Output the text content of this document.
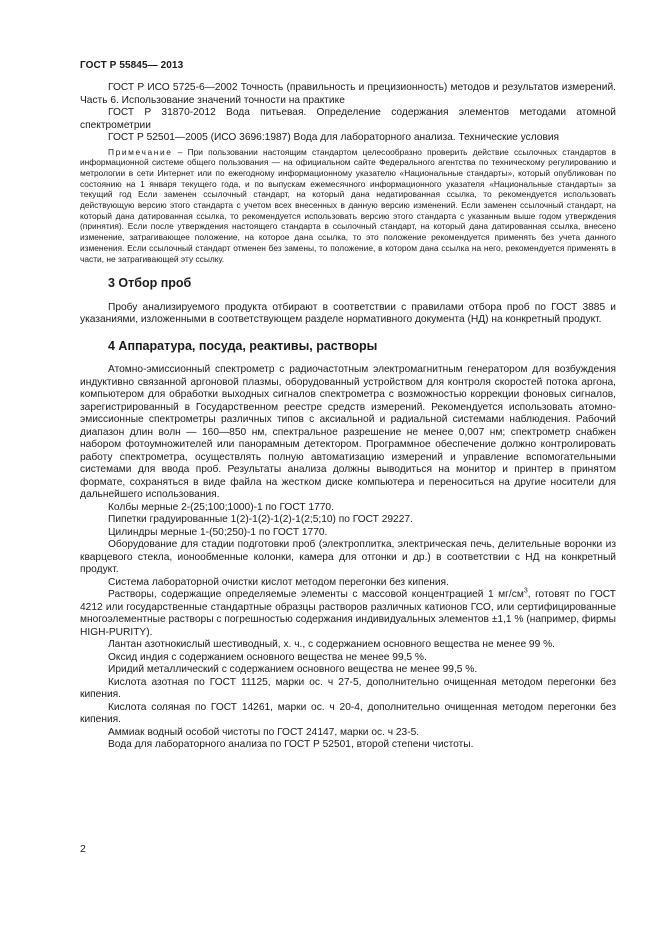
ГОСТ Р 55845— 2013

ГОСТ Р ИСО 5725-6—2002 Точность (правильность и прецизионность) методов и результатов измерений. Часть 6. Использование значений точности на практике

ГОСТ Р 31870-2012 Вода питьевая. Определение содержания элементов методами атомной спектрометрии

ГОСТ Р 52501—2005 (ИСО 3696:1987) Вода для лабораторного анализа. Технические условия

Примечание – При пользовании настоящим стандартом целесообразно проверить действие ссылочных стандартов в информационной системе общего пользования — на официальном сайте Федерального агентства по техническому регулированию и метрологии в сети Интернет или по ежегодному информационному указателю «Национальные стандарты», который опубликован по состоянию на 1 января текущего года, и по выпускам ежемесячного информационного указателя «Национальные стандарты» за текущий год Если заменен ссылочный стандарт, на который дана недатированная ссылка, то рекомендуется использовать действующую версию этого стандарта с учетом всех внесенных в данную версию изменений. Если заменен ссылочный стандарт, на который дана датированная ссылка, то рекомендуется использовать версию этого стандарта с указанным выше годом утверждения (принятия). Если после утверждения настоящего стандарта в ссылочный стандарт, на который дана датированная ссылка, внесено изменение, затрагивающее положение, на которое дана ссылка, то это положение рекомендуется применять без учета данного изменения. Если ссылочный стандарт отменен без замены, то положение, в котором дана ссылка на него, рекомендуется применять в части, не затрагивающей эту ссылку.

3 Отбор проб

Пробу анализируемого продукта отбирают в соответствии с правилами отбора проб по ГОСТ 3885 и указаниями, изложенными в соответствующем разделе нормативного документа (НД) на конкретный продукт.

4 Аппаратура, посуда, реактивы, растворы

Атомно-эмиссионный спектрометр с радиочастотным электромагнитным генератором для возбуждения индуктивно связанной аргоновой плазмы, оборудованный устройством для контроля скоростей потока аргона, компьютером для обработки выходных сигналов спектрометра с возможностью коррекции фоновых сигналов, зарегистрированный в Государственном реестре средств измерений. Рекомендуется использовать атомно-эмиссионные спектрометры различных типов с аксиальной и радиальной системами наблюдения. Рабочий диапазон длин волн — 160—850 нм, спектральное разрешение не менее 0,007 нм; спектрометр снабжен набором фотоумножителей или панорамным детектором. Программное обеспечение должно контролировать работу спектрометра, осуществлять полную автоматизацию измерений и управление вспомогательными системами для ввода проб. Результаты анализа должны выводиться на монитор и принтер в принятом формате, сохраняться в виде файла на жестком диске компьютера и переноситься на другие носители для дальнейшего использования.

Колбы мерные 2-(25;100;1000)-1 по ГОСТ 1770.

Пипетки градуированные 1(2)-1(2)-1(2)-1(2;5;10) по ГОСТ 29227.

Цилиндры мерные 1-(50;250)-1 по ГОСТ 1770.

Оборудование для стадии подготовки проб (электроплитка, электрическая печь, делительные воронки из кварцевого стекла, ионообменные колонки, камера для отгонки и др.) в соответствии с НД на конкретный продукт.

Система лабораторной очистки кислот методом перегонки без кипения.

Растворы, содержащие определяемые элементы с массовой концентрацией 1 $мг/см^3$, готовят по ГОСТ 4212 или государственные стандартные образцы растворов различных катионов ГСО, или сертифицированные многоэлементные растворы с погрешностью содержания индивидуальных элементов ±1,1 % (например, фирмы HIGH-PURITY).

Лантан азотнокислый шестиводный, х. ч., с содержанием основного вещества не менее 99 %.

Оксид индия с содержанием основного вещества не менее 99,5 %.

Иридий металлический с содержанием основного вещества не менее 99,5 %.

Кислота азотная по ГОСТ 11125, марки ос. ч 27-5, дополнительно очищенная методом перегонки без кипения.

Кислота соляная по ГОСТ 14261, марки ос. ч 20-4, дополнительно очищенная методом перегонки без кипения.

Аммиак водный особой чистоты по ГОСТ 24147, марки ос. ч 23-5.

Вода для лабораторного анализа по ГОСТ Р 52501, второй степени чистоты.

2
